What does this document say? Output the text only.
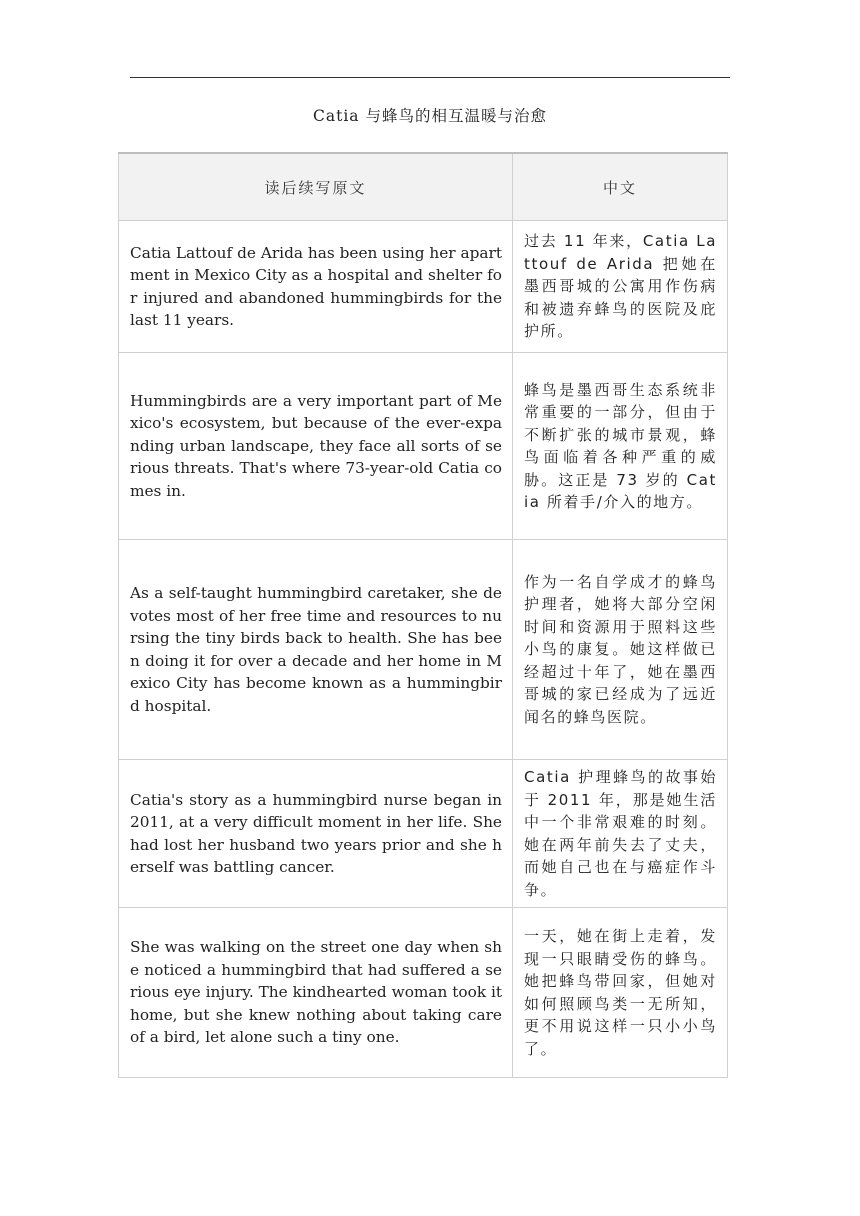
Catia 与蜂鸟的相互温暖与治愈
读后续写原文	中文
Catia Lattouf de Arida has been using her apartment in Mexico City as a hospital and shelter for injured and abandoned hummingbirds for the last 11 years.	过去 11 年来，Catia Lattouf de Arida 把她在墨西哥城的公寓用作伤病和被遗弃蜂鸟的医院及庇护所。
Hummingbirds are a very important part of Mexico's ecosystem, but because of the ever-expanding urban landscape, they face all sorts of serious threats. That's where 73-year-old Catia comes in.	蜂鸟是墨西哥生态系统非常重要的一部分，但由于不断扩张的城市景观，蜂鸟面临着各种严重的威胁。这正是 73 岁的 Catia 所着手/介入的地方。
As a self-taught hummingbird caretaker, she devotes most of her free time and resources to nursing the tiny birds back to health. She has been doing it for over a decade and her home in Mexico City has become known as a hummingbird hospital.	作为一名自学成才的蜂鸟护理者，她将大部分空闲时间和资源用于照料这些小鸟的康复。她这样做已经超过十年了，她在墨西哥城的家已经成为了远近闻名的蜂鸟医院。
Catia's story as a hummingbird nurse began in 2011, at a very difficult moment in her life. She had lost her husband two years prior and she herself was battling cancer.	Catia 护理蜂鸟的故事始于 2011 年，那是她生活中一个非常艰难的时刻。她在两年前失去了丈夫，而她自己也在与癌症作斗争。
She was walking on the street one day when she noticed a hummingbird that had suffered a serious eye injury. The kindhearted woman took it home, but she knew nothing about taking care of a bird, let alone such a tiny one.	一天，她在街上走着，发现一只眼睛受伤的蜂鸟。她把蜂鸟带回家，但她对如何照顾鸟类一无所知，更不用说这样一只小小鸟了。
